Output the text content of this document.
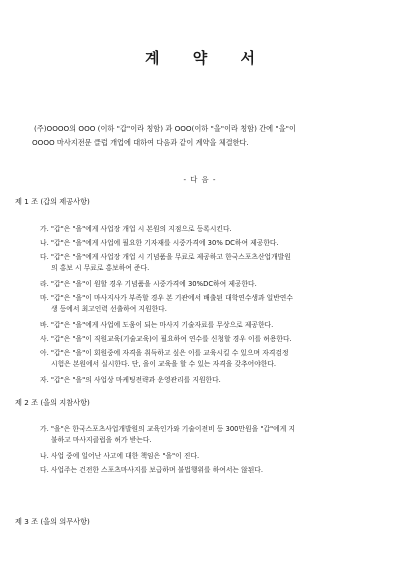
계 약 서
(주)OOOO의 OOO (이하 "갑"이라 칭함) 과 OOO(이하 "을"이라 칭함) 간에 "을"이
OOOO 마사지전문 클럽 개업에 대하여 다음과 같이 계약을 체결한다.
- 다 음 -
제 1 조 (갑의 제공사항)
가. "갑"은 "을"에게 사업장 개업 시 본원의 지점으로 등록시킨다.
나. "갑"은 "을"에게 사업에 필요한 기자재를 시중가격에 30% DC하여 제공한다.
다. "갑"은 "을"에게 사업장 개업 시 기념품을 무료로 제공하고 한국스포츠산업개발원
의 홍보 시 무료로 홍보하여 준다.
라. "갑"은 "을"이 원할 경우 기념품을 시중가격에 30%DC하여 제공한다.
마. "갑"은 "을"이 마사지사가 부족할 경우 본 기관에서 배출된 대학연수생과 일반연수
생 등에서 최고인력 선출하여 지원한다.
바. "갑"은 "을"에게 사업에 도움이 되는 마사지 기술자료를 무상으로 제공한다.
사. "갑"은 "을"이 직원교육(기술교육)이 필요하여 연수를 신청할 경우 이를 허용한다.
아. "갑"은 "을"이 회원중에 자격을 취득하고 싶은 이를 교육시킬 수 있으며 자격검정
시험은 본원에서 실시한다. 단, 을이 교육을 할 수 있는 자격을 갖추어야한다.
자. "갑"은 "을"의 사업상 마케팅전략과 운영관리를 지원한다.
제 2 조 (을의 지참사항)
가. "을"은 한국스포츠사업개발원의 교육인가와 기술이전비 등 300만원을 "갑"에게 지
불하고 마사지클럽을 허가 받는다.
나. 사업 중에 일어난 사고에 대한 책임은 "을"이 진다.
다. 사업주는 건전한 스포츠마사지를 보급하며 불법행위를 하여서는 않된다.
제 3 조 (을의 의무사항)
